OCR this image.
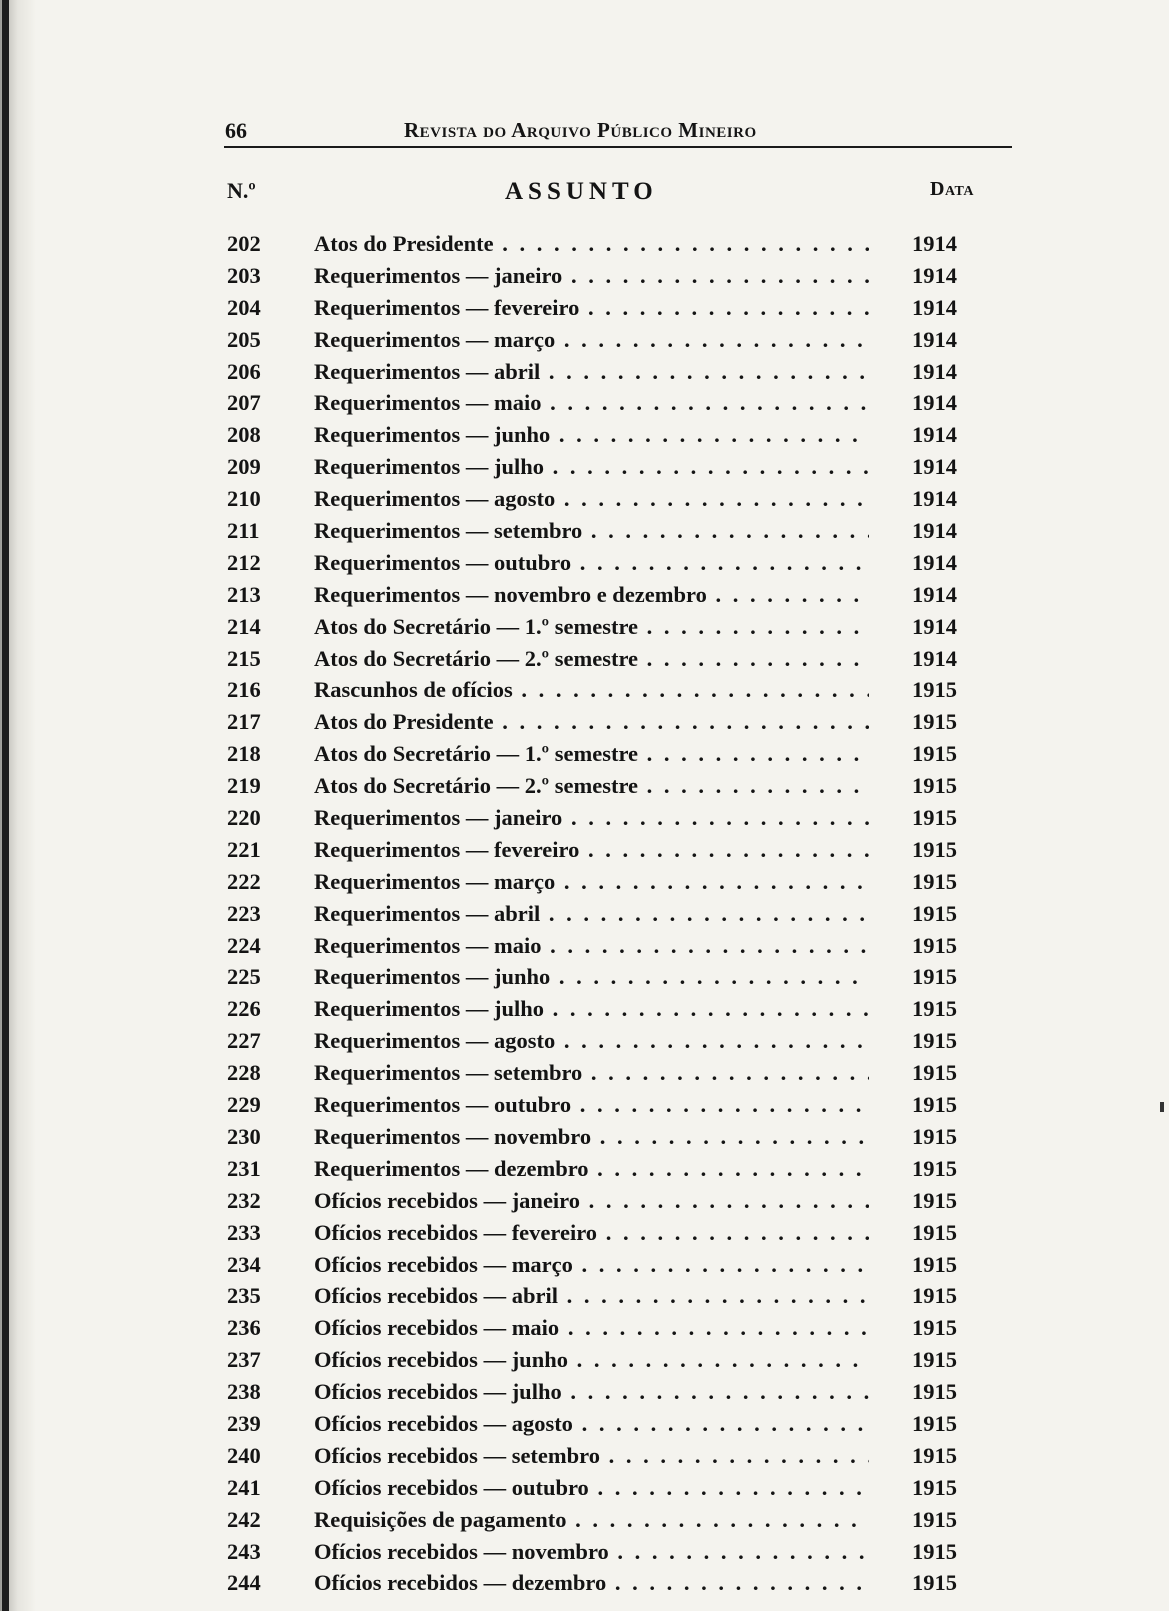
66	Revista do Arquivo Público Mineiro
N.º	ASSUNTO	Data
202 Atos do Presidente . . .	1914
203 Requerimentos — janeiro . . .	1914
204 Requerimentos — fevereiro . . .	1914
205 Requerimentos — março . . .	1914
206 Requerimentos — abril . . .	1914
207 Requerimentos — maio . . .	1914
208 Requerimentos — junho . . .	1914
209 Requerimentos — julho . . .	1914
210 Requerimentos — agosto . . .	1914
211 Requerimentos — setembro . . .	1914
212 Requerimentos — outubro . . .	1914
213 Requerimentos — novembro e dezembro . . .	1914
214 Atos do Secretário — 1.º semestre . . .	1914
215 Atos do Secretário — 2.º semestre . . .	1914
216 Rascunhos de ofícios . . .	1915
217 Atos do Presidente . . .	1915
218 Atos do Secretário — 1.º semestre . . .	1915
219 Atos do Secretário — 2.º semestre . . .	1915
220 Requerimentos — janeiro . . .	1915
221 Requerimentos — fevereiro . . .	1915
222 Requerimentos — março . . .	1915
223 Requerimentos — abril . . .	1915
224 Requerimentos — maio . . .	1915
225 Requerimentos — junho . . .	1915
226 Requerimentos — julho . . .	1915
227 Requerimentos — agosto . . .	1915
228 Requerimentos — setembro . . .	1915
229 Requerimentos — outubro . . .	1915
230 Requerimentos — novembro . . .	1915
231 Requerimentos — dezembro . . .	1915
232 Ofícios recebidos — janeiro . . .	1915
233 Ofícios recebidos — fevereiro . . .	1915
234 Ofícios recebidos — março . . .	1915
235 Ofícios recebidos — abril . . .	1915
236 Ofícios recebidos — maio . . .	1915
237 Ofícios recebidos — junho . . .	1915
238 Ofícios recebidos — julho . . .	1915
239 Ofícios recebidos — agosto . . .	1915
240 Ofícios recebidos — setembro . . .	1915
241 Ofícios recebidos — outubro . . .	1915
242 Requisições de pagamento . . .	1915
243 Ofícios recebidos — novembro . . .	1915
244 Ofícios recebidos — dezembro . . .	1915
